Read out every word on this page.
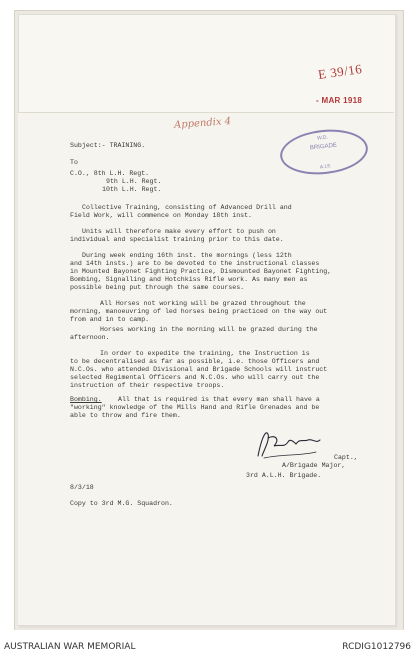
E 39/16
- MAR 1918
Appendix 4
W.D.
BRIGADE
A.I.F.
Subject:- TRAINING.
To
C.O., 8th L.H. Regt.
9th L.H. Regt.
10th L.H. Regt.
Collective Training, consisting of Advanced Drill and
Field Work, will commence on Monday 18th inst.
Units will therefore make every effort to push on
individual and specialist training prior to this date.
During week ending 16th inst. the mornings (less 12th
and 14th insts.) are to be devoted to the instructional classes
in Mounted Bayonet Fighting Practice, Dismounted Bayonet Fighting,
Bombing, Signalling and Hotchkiss Rifle work. As many men as
possible being put through the same courses.
All Horses not working will be grazed throughout the
morning, manoeuvring of led horses being practiced on the way out
from and in to camp.
Horses working in the morning will be grazed during the
afternoon.
In order to expedite the training, the Instruction is
to be decentralised as far as possible, i.e. those Officers and
N.C.Os. who attended Divisional and Brigade Schools will instruct
selected Regimental Officers and N.C.Os. who will carry out the
instruction of their respective troops.
Bombing. All that is required is that every man shall have a
"working" knowledge of the Mills Hand and Rifle Grenades and be
able to throw and fire them.
Capt.,
A/Brigade Major,
3rd A.L.H. Brigade.
8/3/18
Copy to 3rd M.G. Squadron.
AUSTRALIAN WAR MEMORIAL	RCDIG1012796
